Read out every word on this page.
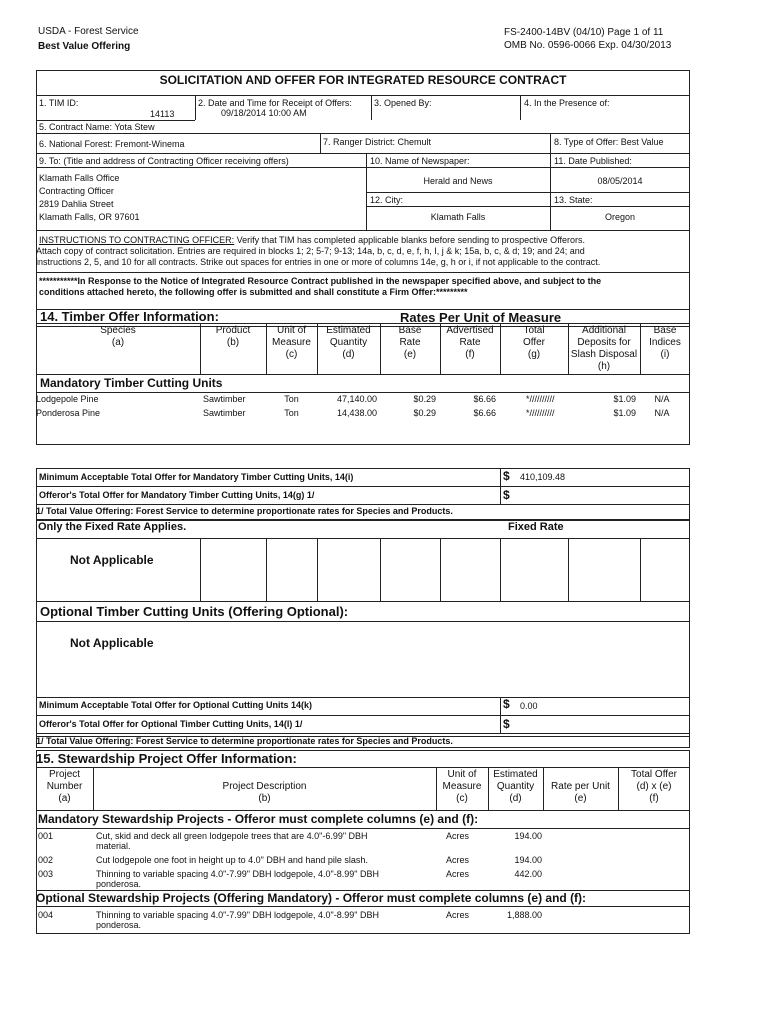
USDA - Forest Service
Best Value Offering
FS-2400-14BV (04/10) Page 1 of 11
OMB No. 0596-0066 Exp. 04/30/2013
SOLICITATION AND OFFER FOR INTEGRATED RESOURCE CONTRACT
1. TIM ID:
14113
2. Date and Time for Receipt of Offers:
09/18/2014 10:00 AM
3. Opened By:	4. In the Presence of:
5. Contract Name: Yota Stew
6. National Forest: Fremont-Winema	7. Ranger District: Chemult	8. Type of Offer: Best Value
9. To: (Title and address of Contracting Officer receiving offers)	10. Name of Newspaper:	11. Date Published:
Klamath Falls Office
Contracting Officer
2819 Dahlia Street
Klamath Falls, OR 97601
Herald and News	08/05/2014
12. City:	13. State:
Klamath Falls	Oregon
INSTRUCTIONS TO CONTRACTING OFFICER: Verify that TIM has completed applicable blanks before sending to prospective Offerors.
Attach copy of contract solicitation. Entries are required in blocks 1; 2; 5-7; 9-13; 14a, b, c, d, e, f, h, I, j & k; 15a, b, c, & d; 19; and 24; and
instructions 2, 5, and 10 for all contracts. Strike out spaces for entries in one or more of columns 14e, g, h or i, if not applicable to the contract.
***********In Response to the Notice of Integrated Resource Contract published in the newspaper specified above, and subject to the
conditions attached hereto, the following offer is submitted and shall constitute a Firm Offer:*********
14. Timber Offer Information:	Rates Per Unit of Measure
Species
(a)
Product
(b)
Unit of
Measure
(c)
Estimated
Quantity
(d)
Base
Rate
(e)
Advertised
Rate
(f)
Total
Offer
(g)
Additional
Deposits for
Slash Disposal
(h)
Base
Indices
(i)
Mandatory Timber Cutting Units
Lodgepole Pine	Sawtimber	Ton	47,140.00	$0.29	$6.66	*//////////	$1.09	N/A
Ponderosa Pine	Sawtimber	Ton	14,438.00	$0.29	$6.66	*//////////	$1.09	N/A
Minimum Acceptable Total Offer for Mandatory Timber Cutting Units, 14(i)	$ 410,109.48
Offeror's Total Offer for Mandatory Timber Cutting Units, 14(g) 1/	$
1/ Total Value Offering: Forest Service to determine proportionate rates for Species and Products.
Only the Fixed Rate Applies.	Fixed Rate
Not Applicable
Optional Timber Cutting Units (Offering Optional):
Not Applicable
Minimum Acceptable Total Offer for Optional Cutting Units 14(k)	$ 0.00
Offeror's Total Offer for Optional Timber Cutting Units, 14(l) 1/	$
1/ Total Value Offering: Forest Service to determine proportionate rates for Species and Products.
15. Stewardship Project Offer Information:
Project
Number
(a)
Project Description
(b)
Unit of
Measure
(c)
Estimated
Quantity
(d)
Rate per Unit
(e)
Total Offer
(d) x (e)
(f)
Mandatory Stewardship Projects - Offeror must complete columns (e) and (f):
001	Cut, skid and deck all green lodgepole trees that are 4.0"-6.99" DBH
material.
Acres	194.00
002	Cut lodgepole one foot in height up to 4.0" DBH and hand pile slash.	Acres	194.00
003	Thinning to variable spacing 4.0"-7.99" DBH lodgepole, 4.0"-8.99" DBH
ponderosa.
Acres	442.00
Optional Stewardship Projects (Offering Mandatory) - Offeror must complete columns (e) and (f):
004	Thinning to variable spacing 4.0"-7.99" DBH lodgepole, 4.0"-8.99" DBH
ponderosa.
Acres	1,888.00
